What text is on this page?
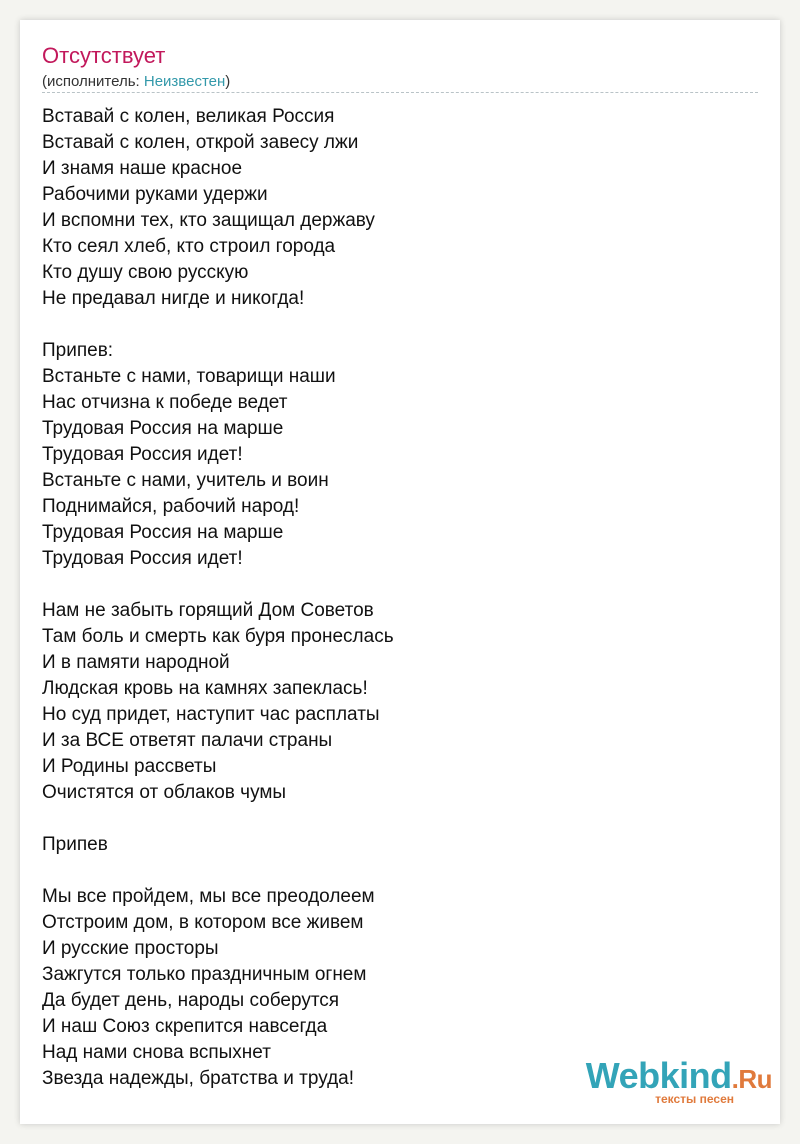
Отсутствует
(исполнитель: Неизвестен)
Вставай с колен, великая Россия
Вставай с колен, открой завесу лжи
И знамя наше красное
Рабочими руками удержи
И вспомни тех, кто защищал державу
Кто сеял хлеб, кто строил города
Кто душу свою русскую
Не предавал нигде и никогда!
Припев:
Встаньте с нами, товарищи наши
Нас отчизна к победе ведет
Трудовая Россия на марше
Трудовая Россия идет!
Встаньте с нами, учитель и воин
Поднимайся, рабочий народ!
Трудовая Россия на марше
Трудовая Россия идет!
Нам не забыть горящий Дом Советов
Там боль и смерть как буря пронеслась
И в памяти народной
Людская кровь на камнях запеклась!
Но суд придет, наступит час расплаты
И за ВСЕ ответят палачи страны
И Родины рассветы
Очистятся от облаков чумы
Припев
Мы все пройдем, мы все преодолеем
Отстроим дом, в котором все живем
И русские просторы
Зажгутся только праздничным огнем
Да будет день, народы соберутся
И наш Союз скрепится навсегда
Над нами снова вспыхнет
Звезда надежды, братства и труда!	Webkind.Ru
тексты песен
